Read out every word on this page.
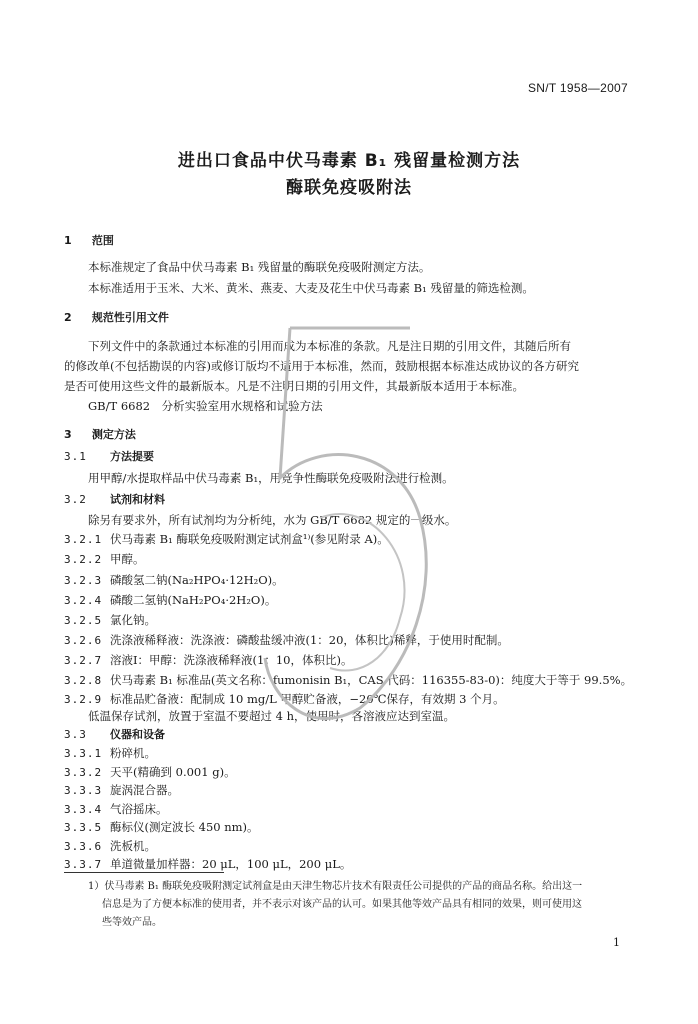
SN/T 1958—2007
进出口食品中伏马毒素 B₁ 残留量检测方法
酶联免疫吸附法
1 范围
本标准规定了食品中伏马毒素 B₁ 残留量的酶联免疫吸附测定方法。
本标准适用于玉米、大米、黄米、燕麦、大麦及花生中伏马毒素 B₁ 残留量的筛选检测。
2 规范性引用文件
下列文件中的条款通过本标准的引用而成为本标准的条款。凡是注日期的引用文件，其随后所有
的修改单(不包括勘误的内容)或修订版均不适用于本标准，然而，鼓励根据本标准达成协议的各方研究
是否可使用这些文件的最新版本。凡是不注明日期的引用文件，其最新版本适用于本标准。
GB/T 6682　分析实验室用水规格和试验方法
3 测定方法
3.1 方法提要
用甲醇/水提取样品中伏马毒素 B₁，用竞争性酶联免疫吸附法进行检测。
3.2 试剂和材料
除另有要求外，所有试剂均为分析纯，水为 GB/T 6682 规定的一级水。
3.2.1 伏马毒素 B₁ 酶联免疫吸附测定试剂盒¹⁾(参见附录 A)。
3.2.2 甲醇。
3.2.3 磷酸氢二钠(Na₂HPO₄·12H₂O)。
3.2.4 磷酸二氢钠(NaH₂PO₄·2H₂O)。
3.2.5 氯化钠。
3.2.6 洗涤液稀释液：洗涤液：磷酸盐缓冲液(1：20，体积比)稀释，于使用时配制。
3.2.7 溶液Ⅰ：甲醇：洗涤液稀释液(1：10，体积比)。
3.2.8 伏马毒素 B₁ 标准品(英文名称：fumonisin B₁，CAS 代码：116355-83-0)：纯度大于等于 99.5%。
3.2.9 标准品贮备液：配制成 10 mg/L 甲醇贮备液，−20℃保存，有效期 3 个月。
低温保存试剂，放置于室温不要超过 4 h，使用时，各溶液应达到室温。
3.3 仪器和设备
3.3.1 粉碎机。
3.3.2 天平(精确到 0.001 g)。
3.3.3 旋涡混合器。
3.3.4 气浴摇床。
3.3.5 酶标仪(测定波长 450 nm)。
3.3.6 洗板机。
3.3.7 单道微量加样器：20 μL，100 μL，200 μL。
1）伏马毒素 B₁ 酶联免疫吸附测定试剂盒是由天津生物芯片技术有限责任公司提供的产品的商品名称。给出这一
信息是为了方便本标准的使用者，并不表示对该产品的认可。如果其他等效产品具有相同的效果，则可使用这
些等效产品。
1
